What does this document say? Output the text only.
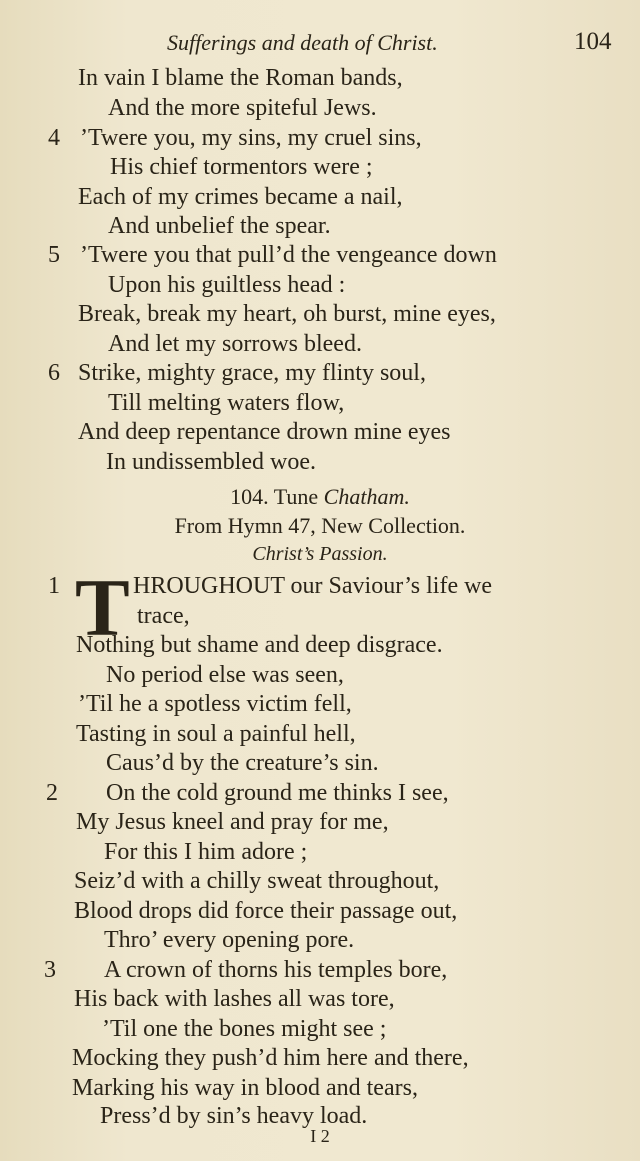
Sufferings and death of Christ.	104
In vain I blame the Roman bands,
And the more spiteful Jews.
4 ’Twere you, my sins, my cruel sins,
His chief tormentors were ;
Each of my crimes became a nail,
And unbelief the spear.
5 ’Twere you that pull’d the vengeance down
Upon his guiltless head :
Break, break my heart, oh burst, mine eyes,
And let my sorrows bleed.
6 Strike, mighty grace, my flinty soul,
Till melting waters flow,
And deep repentance drown mine eyes
In undissembled woe.
104. Tune Chatham.
From Hymn 47, New Collection.
Christ’s Passion.
1 T HROUGHOUT our Saviour’s life we
trace,
Nothing but shame and deep disgrace.
No period else was seen,
’Til he a spotless victim fell,
Tasting in soul a painful hell,
Caus’d by the creature’s sin.
2 On the cold ground me thinks I see,
My Jesus kneel and pray for me,
For this I him adore ;
Seiz’d with a chilly sweat throughout,
Blood drops did force their passage out,
Thro’ every opening pore.
3 A crown of thorns his temples bore,
His back with lashes all was tore,
’Til one the bones might see ;
Mocking they push’d him here and there,
Marking his way in blood and tears,
Press’d by sin’s heavy load.
I 2
